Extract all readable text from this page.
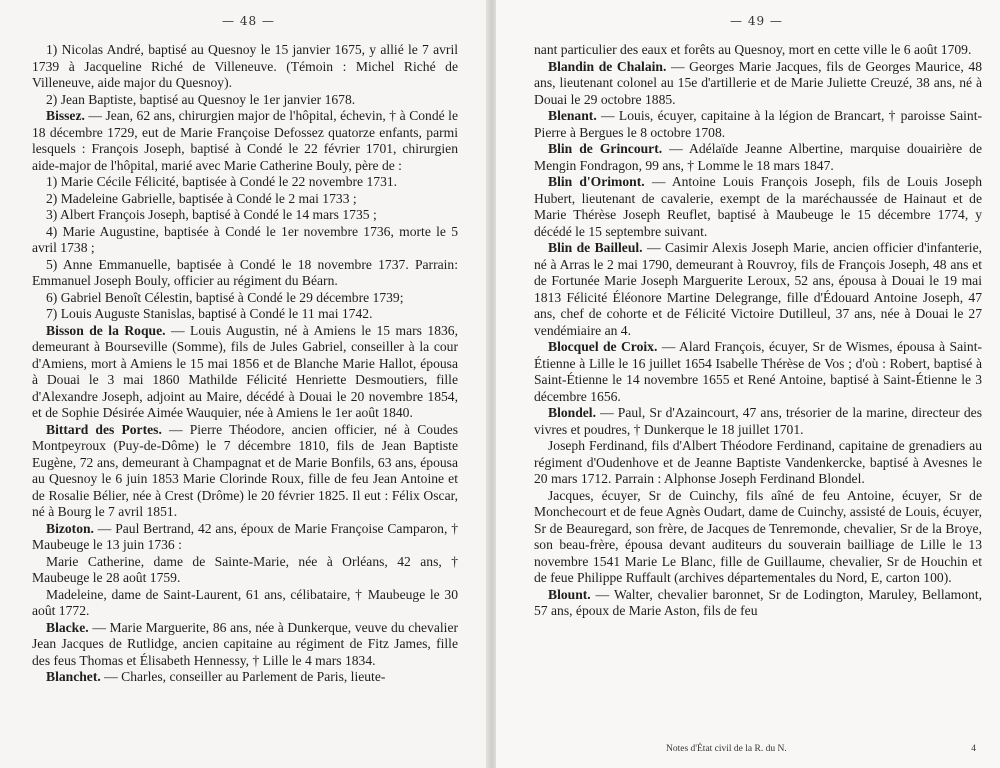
— 48 —

1) Nicolas André, baptisé au Quesnoy le 15 janvier 1675, y allié le 7 avril 1739 à Jacqueline Riché de Villeneuve. (Témoin : Michel Riché de Villeneuve, aide major du Quesnoy).

2) Jean Baptiste, baptisé au Quesnoy le 1er janvier 1678.

Bissez. — Jean, 62 ans, chirurgien major de l'hôpital, échevin, † à Condé le 18 décembre 1729, eut de Marie Françoise Defossez quatorze enfants, parmi lesquels : François Joseph, baptisé à Condé le 22 février 1701, chirurgien aide-major de l'hôpital, marié avec Marie Catherine Bouly, père de :

1) Marie Cécile Félicité, baptisée à Condé le 22 novembre 1731.

2) Madeleine Gabrielle, baptisée à Condé le 2 mai 1733 ;

3) Albert François Joseph, baptisé à Condé le 14 mars 1735 ;

4) Marie Augustine, baptisée à Condé le 1er novembre 1736, morte le 5 avril 1738 ;

5) Anne Emmanuelle, baptisée à Condé le 18 novembre 1737. Parrain: Emmanuel Joseph Bouly, officier au régiment du Béarn.

6) Gabriel Benoît Célestin, baptisé à Condé le 29 décembre 1739;

7) Louis Auguste Stanislas, baptisé à Condé le 11 mai 1742.

Bisson de la Roque. — Louis Augustin, né à Amiens le 15 mars 1836, demeurant à Bourseville (Somme), fils de Jules Gabriel, conseiller à la cour d'Amiens, mort à Amiens le 15 mai 1856 et de Blanche Marie Hallot, épousa à Douai le 3 mai 1860 Mathilde Félicité Henriette Desmoutiers, fille d'Alexandre Joseph, adjoint au Maire, décédé à Douai le 20 novembre 1854, et de Sophie Désirée Aimée Wauquier, née à Amiens le 1er août 1840.

Bittard des Portes. — Pierre Théodore, ancien officier, né à Coudes Montpeyroux (Puy-de-Dôme) le 7 décembre 1810, fils de Jean Baptiste Eugène, 72 ans, demeurant à Champagnat et de Marie Bonfils, 63 ans, épousa au Quesnoy le 6 juin 1853 Marie Clorinde Roux, fille de feu Jean Antoine et de Rosalie Bélier, née à Crest (Drôme) le 20 février 1825. Il eut : Félix Oscar, né à Bourg le 7 avril 1851.

Bizoton. — Paul Bertrand, 42 ans, époux de Marie Françoise Camparon, † Maubeuge le 13 juin 1736 :

Marie Catherine, dame de Sainte-Marie, née à Orléans, 42 ans, † Maubeuge le 28 août 1759.

Madeleine, dame de Saint-Laurent, 61 ans, célibataire, † Maubeuge le 30 août 1772.

Blacke. — Marie Marguerite, 86 ans, née à Dunkerque, veuve du chevalier Jean Jacques de Rutlidge, ancien capitaine au régiment de Fitz James, fille des feus Thomas et Élisabeth Hennessy, † Lille le 4 mars 1834.

Blanchet. — Charles, conseiller au Parlement de Paris, lieute-

— 49 —

nant particulier des eaux et forêts au Quesnoy, mort en cette ville le 6 août 1709.

Blandin de Chalain. — Georges Marie Jacques, fils de Georges Maurice, 48 ans, lieutenant colonel au 15e d'artillerie et de Marie Juliette Creuzé, 38 ans, né à Douai le 29 octobre 1885.

Blenant. — Louis, écuyer, capitaine à la légion de Brancart, † paroisse Saint-Pierre à Bergues le 8 octobre 1708.

Blin de Grincourt. — Adélaïde Jeanne Albertine, marquise douairière de Mengin Fondragon, 99 ans, † Lomme le 18 mars 1847.

Blin d'Orimont. — Antoine Louis François Joseph, fils de Louis Joseph Hubert, lieutenant de cavalerie, exempt de la maréchaussée de Hainaut et de Marie Thérèse Joseph Reuflet, baptisé à Maubeuge le 15 décembre 1774, y décédé le 15 septembre suivant.

Blin de Bailleul. — Casimir Alexis Joseph Marie, ancien officier d'infanterie, né à Arras le 2 mai 1790, demeurant à Rouvroy, fils de François Joseph, 48 ans et de Fortunée Marie Joseph Marguerite Leroux, 52 ans, épousa à Douai le 19 mai 1813 Félicité Éléonore Martine Delegrange, fille d'Édouard Antoine Joseph, 47 ans, chef de cohorte et de Félicité Victoire Dutilleul, 37 ans, née à Douai le 27 vendémiaire an 4.

Blocquel de Croix. — Alard François, écuyer, Sr de Wismes, épousa à Saint-Étienne à Lille le 16 juillet 1654 Isabelle Thérèse de Vos ; d'où : Robert, baptisé à Saint-Étienne le 14 novembre 1655 et René Antoine, baptisé à Saint-Étienne le 3 décembre 1656.

Blondel. — Paul, Sr d'Azaincourt, 47 ans, trésorier de la marine, directeur des vivres et poudres, † Dunkerque le 18 juillet 1701.

Joseph Ferdinand, fils d'Albert Théodore Ferdinand, capitaine de grenadiers au régiment d'Oudenhove et de Jeanne Baptiste Vandenkercke, baptisé à Avesnes le 20 mars 1712. Parrain : Alphonse Joseph Ferdinand Blondel.

Jacques, écuyer, Sr de Cuinchy, fils aîné de feu Antoine, écuyer, Sr de Monchecourt et de feue Agnès Oudart, dame de Cuinchy, assisté de Louis, écuyer, Sr de Beauregard, son frère, de Jacques de Tenremonde, chevalier, Sr de la Broye, son beau-frère, épousa devant auditeurs du souverain bailliage de Lille le 13 novembre 1541 Marie Le Blanc, fille de Guillaume, chevalier, Sr de Houchin et de feue Philippe Ruffault (archives départementales du Nord, E, carton 100).

Blount. — Walter, chevalier baronnet, Sr de Lodington, Maruley, Bellamont, 57 ans, époux de Marie Aston, fils de feu

Notes d'État civil de la R. du N.	4
